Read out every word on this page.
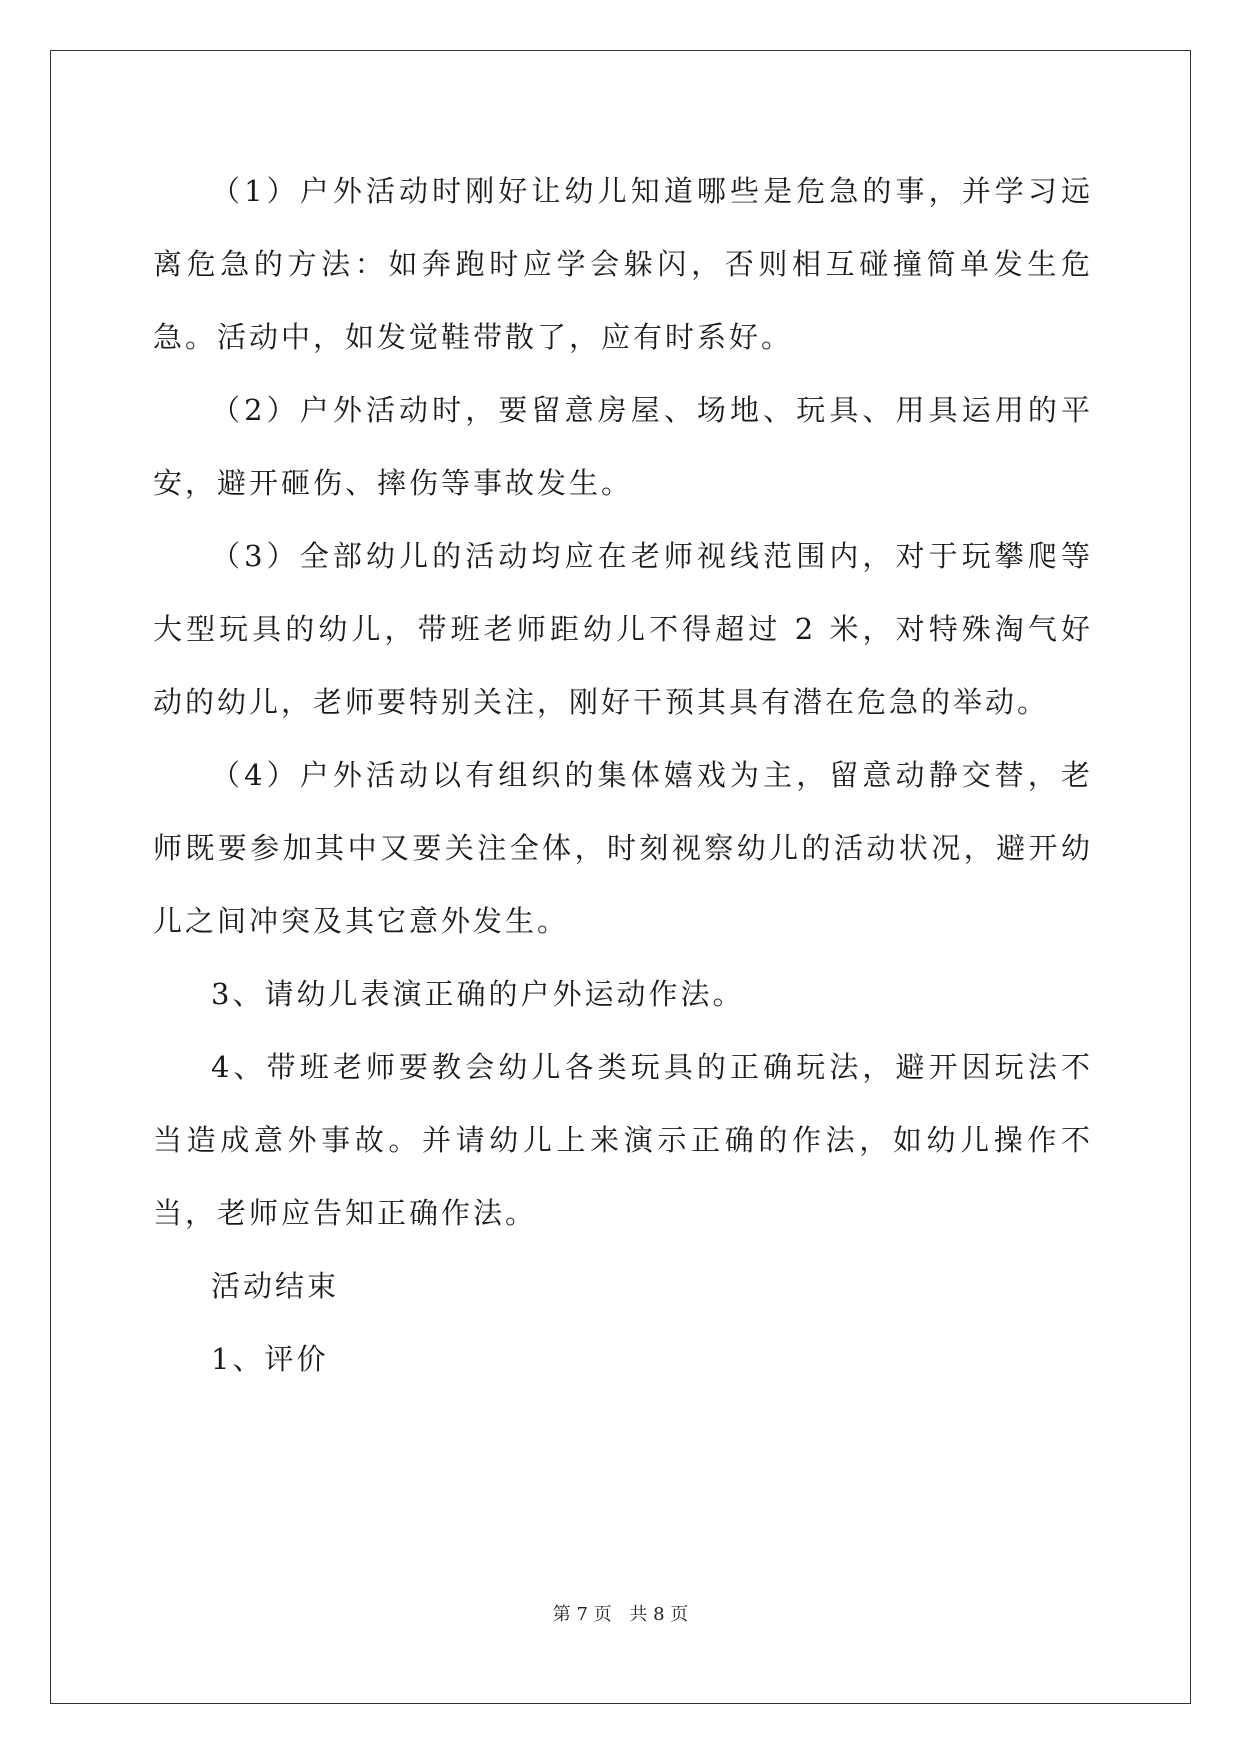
（1）户外活动时刚好让幼儿知道哪些是危急的事，并学习远离危急的方法：如奔跑时应学会躲闪，否则相互碰撞简单发生危急。活动中，如发觉鞋带散了，应有时系好。

（2）户外活动时，要留意房屋、场地、玩具、用具运用的平安，避开砸伤、摔伤等事故发生。

（3）全部幼儿的活动均应在老师视线范围内，对于玩攀爬等大型玩具的幼儿，带班老师距幼儿不得超过 2 米，对特殊淘气好动的幼儿，老师要特别关注，刚好干预其具有潜在危急的举动。

（4）户外活动以有组织的集体嬉戏为主，留意动静交替，老师既要参加其中又要关注全体，时刻视察幼儿的活动状况，避开幼儿之间冲突及其它意外发生。

3、请幼儿表演正确的户外运动作法。

4、带班老师要教会幼儿各类玩具的正确玩法，避开因玩法不当造成意外事故。并请幼儿上来演示正确的作法，如幼儿操作不当，老师应告知正确作法。

活动结束

1、评价

第 7 页 共 8 页
